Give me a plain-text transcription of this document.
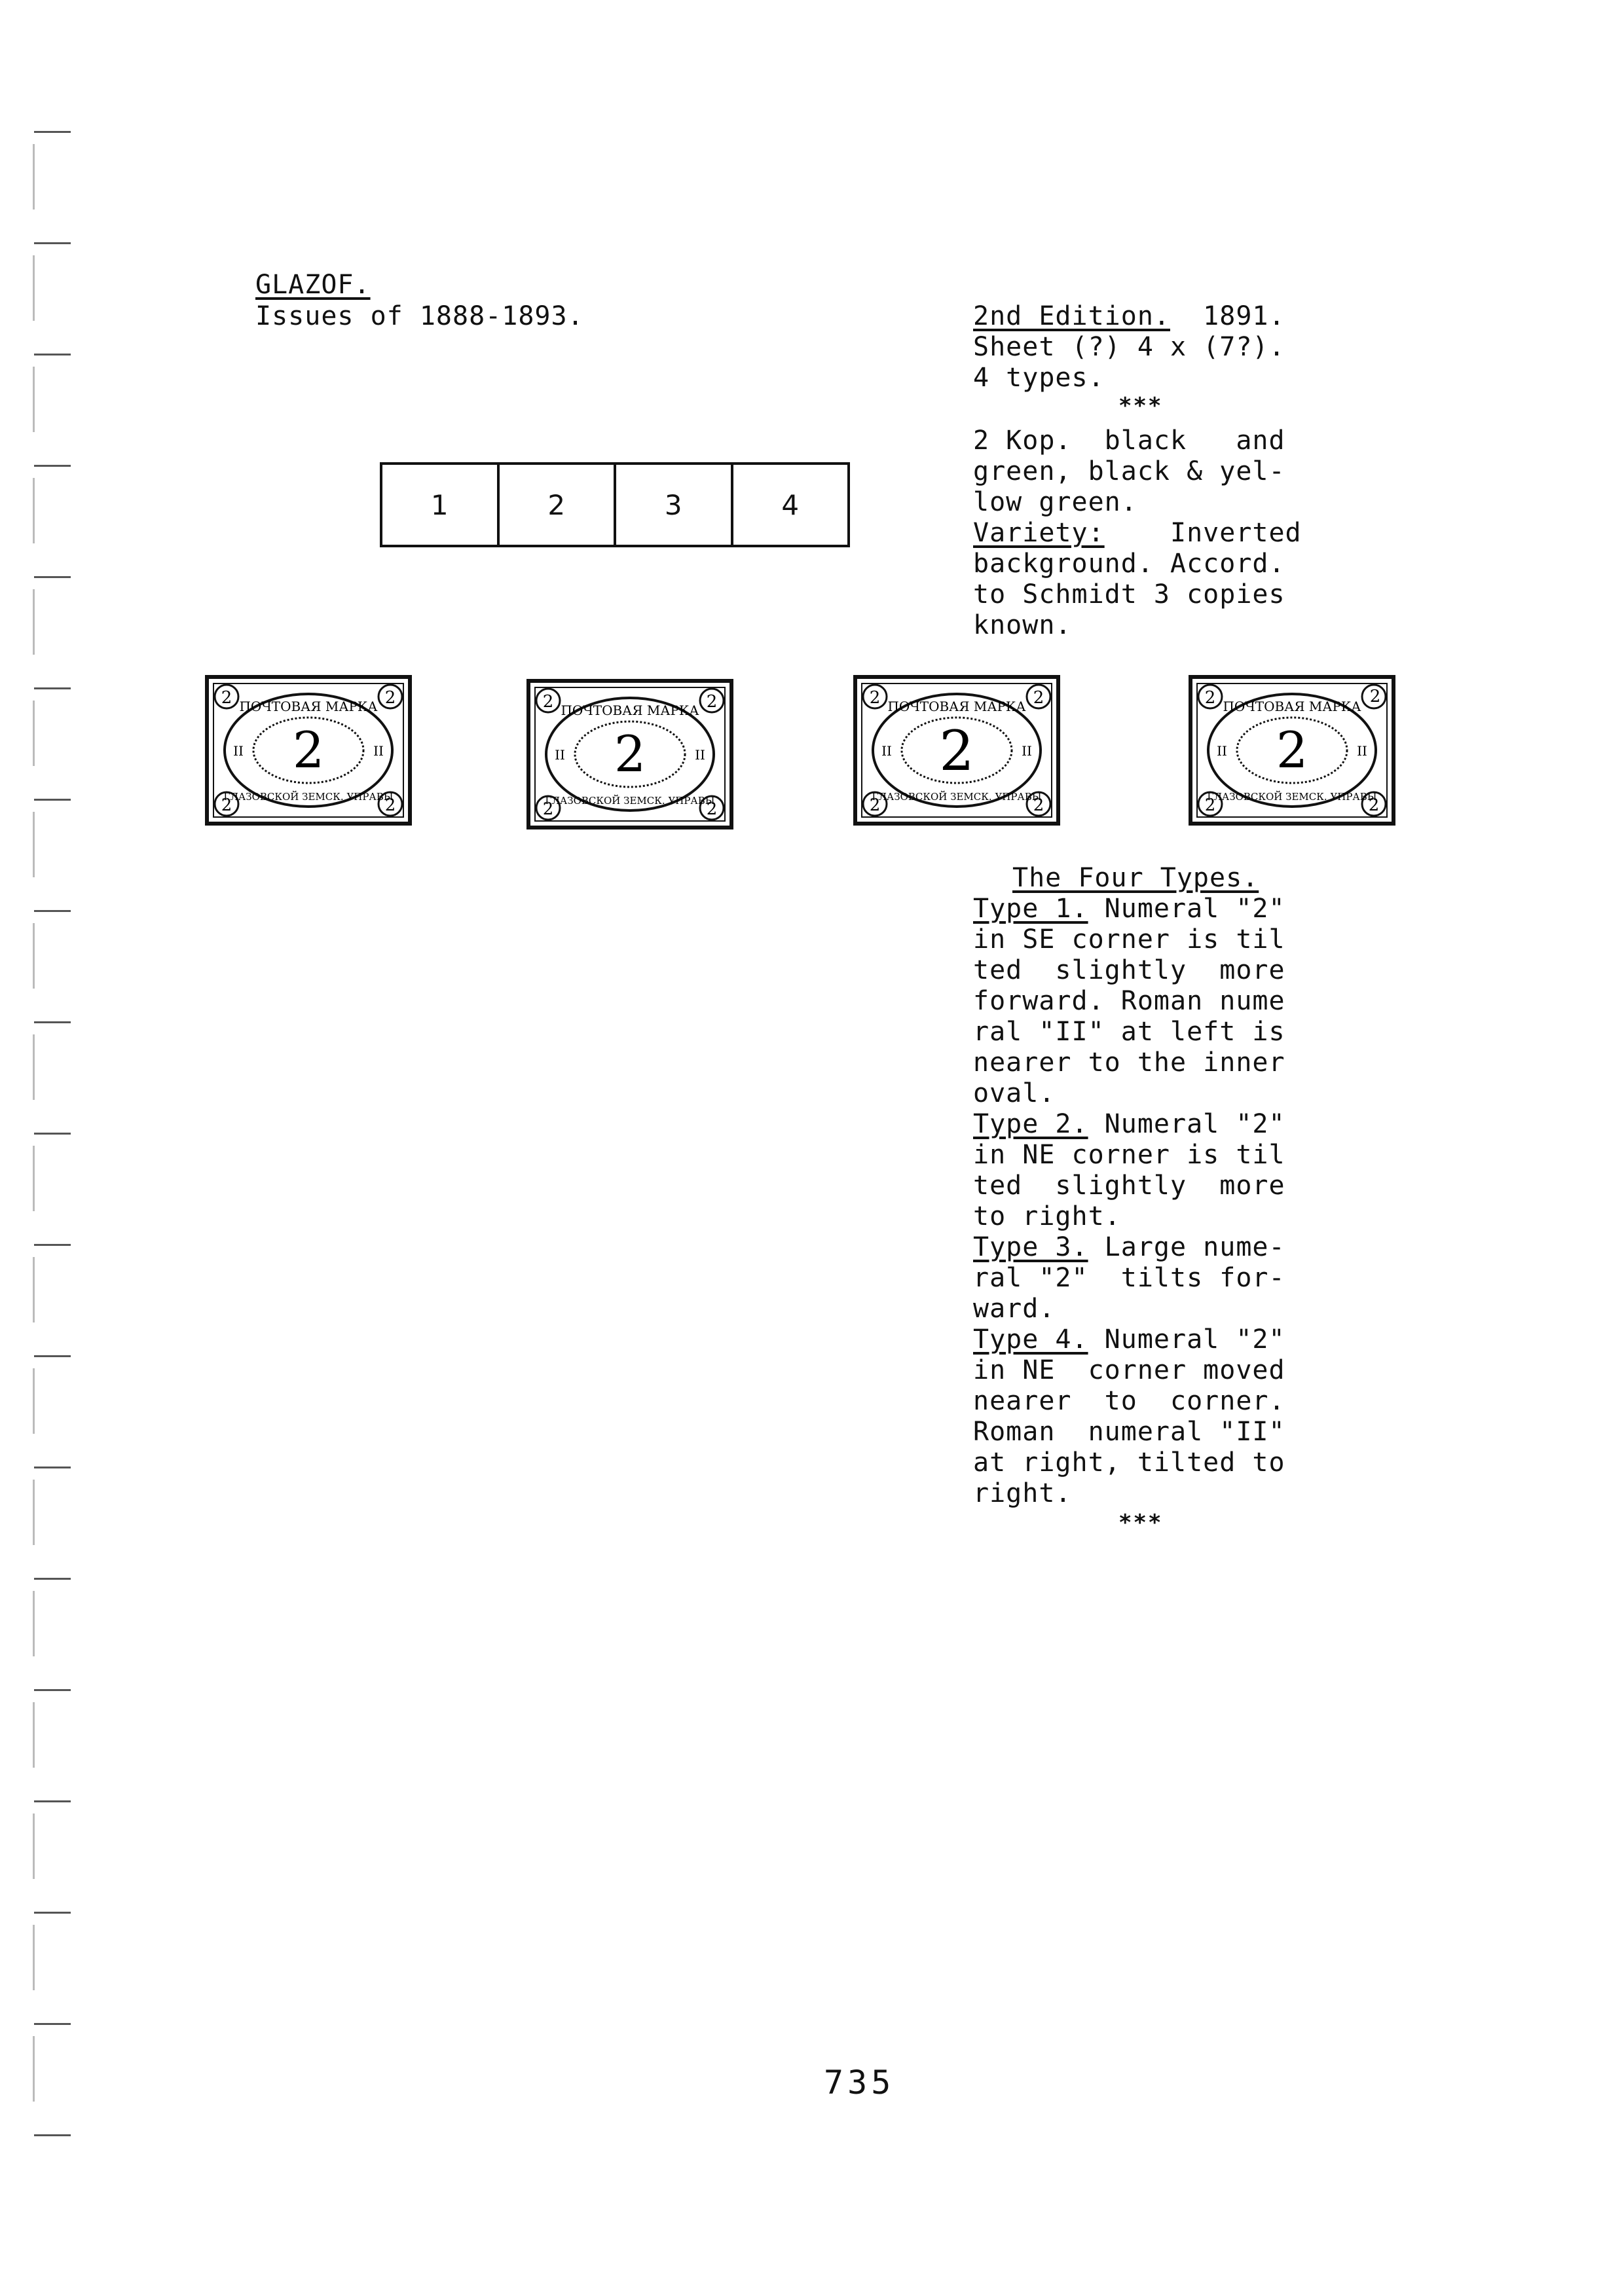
GLAZOF.
Issues of 1888-1893.	2nd Edition. 1891.
Sheet (?) 4 x (7?).
4 types.
***
2 Kop.  black   and
green, black & yel-
low green.
Variety:    Inverted
background. Accord.
to Schmidt 3 copies
known.
1	2	3	4
2	2
2	2
ПОЧТОВАЯ МАРКА
ГЛАЗОВСКОЙ ЗЕМСК. УПРАВЫ
II	II
2
2	2
2	2
ПОЧТОВАЯ МАРКА
ГЛАЗОВСКОЙ ЗЕМСК. УПРАВЫ
II	II
2
2	2
2	2
ПОЧТОВАЯ МАРКА
ГЛАЗОВСКОЙ ЗЕМСК. УПРАВЫ
II	II
2
2	2
2	2
ПОЧТОВАЯ МАРКА
ГЛАЗОВСКОЙ ЗЕМСК. УПРАВЫ
II	II
2
The Four Types.
Type 1. Numeral "2"
in SE corner is til
ted  slightly  more
forward. Roman nume
ral "II" at left is
nearer to the inner
oval.
Type 2. Numeral "2"
in NE corner is til
ted  slightly  more
to right.
Type 3. Large nume-
ral "2"  tilts for-
ward.
Type 4. Numeral "2"
in NE  corner moved
nearer  to  corner.
Roman  numeral "II"
at right, tilted to
right.
***
735
